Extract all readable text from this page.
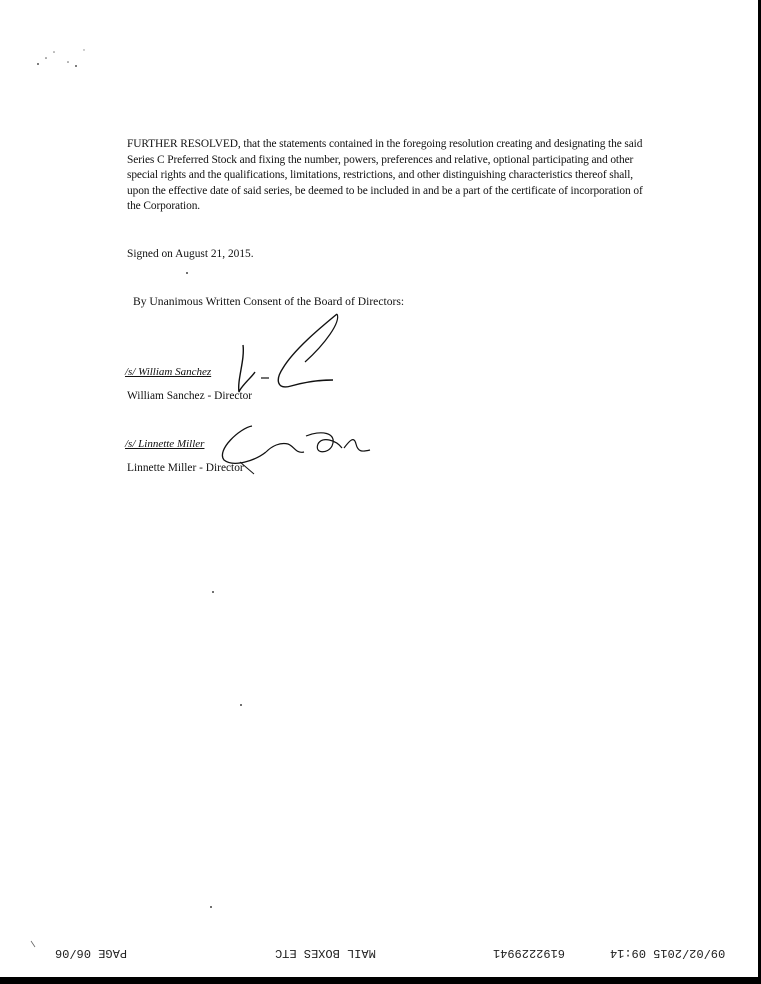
FURTHER RESOLVED, that the statements contained in the foregoing resolution creating and designating the said Series C Preferred Stock and fixing the number, powers, preferences and relative, optional participating and other special rights and the qualifications, limitations, restrictions, and other distinguishing characteristics thereof shall, upon the effective date of said series, be deemed to be included in and be a part of the certificate of incorporation of the Corporation.

Signed on August 21, 2015.

By Unanimous Written Consent of the Board of Directors:

/s/ William Sanchez

William Sanchez - Director

/s/ Linnette Miller

Linnette Miller - Director

PAGE 06/06	MAIL BOXES ETC	6192229941	09/02/2015 09:14
